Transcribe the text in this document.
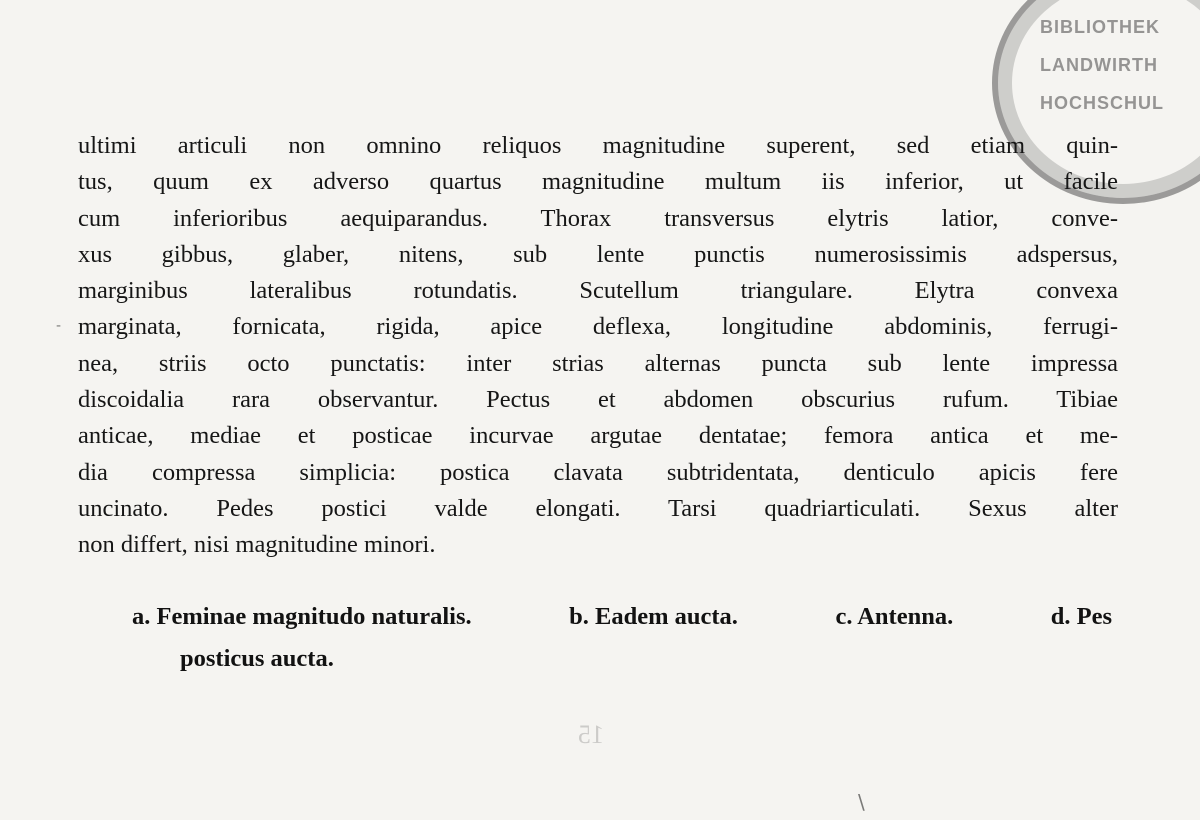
BIBLIOTHEK
LANDWIRTH
HOCHSCHUL
ultimi articuli non omnino reliquos magnitudine superent, sed etiam quin-
tus, quum ex adverso quartus magnitudine multum iis inferior, ut facile
cum inferioribus aequiparandus. Thorax transversus elytris latior, conve-
xus gibbus, glaber, nitens, sub lente punctis numerosissimis adspersus,
marginibus lateralibus rotundatis. Scutellum triangulare. Elytra convexa
marginata, fornicata, rigida, apice deflexa, longitudine abdominis, ferrugi-
nea, striis octo punctatis: inter strias alternas puncta sub lente impressa
discoidalia rara observantur. Pectus et abdomen obscurius rufum. Tibiae
anticae, mediae et posticae incurvae argutae dentatae; femora antica et me-
dia compressa simplicia: postica clavata subtridentata, denticulo apicis fere
uncinato. Pedes postici valde elongati. Tarsi quadriarticulati. Sexus alter
non differt, nisi magnitudine minori.
a. Feminae magnitudo naturalis.	b. Eadem aucta.	c. Antenna.	d. Pes
posticus aucta.
15
\
-
